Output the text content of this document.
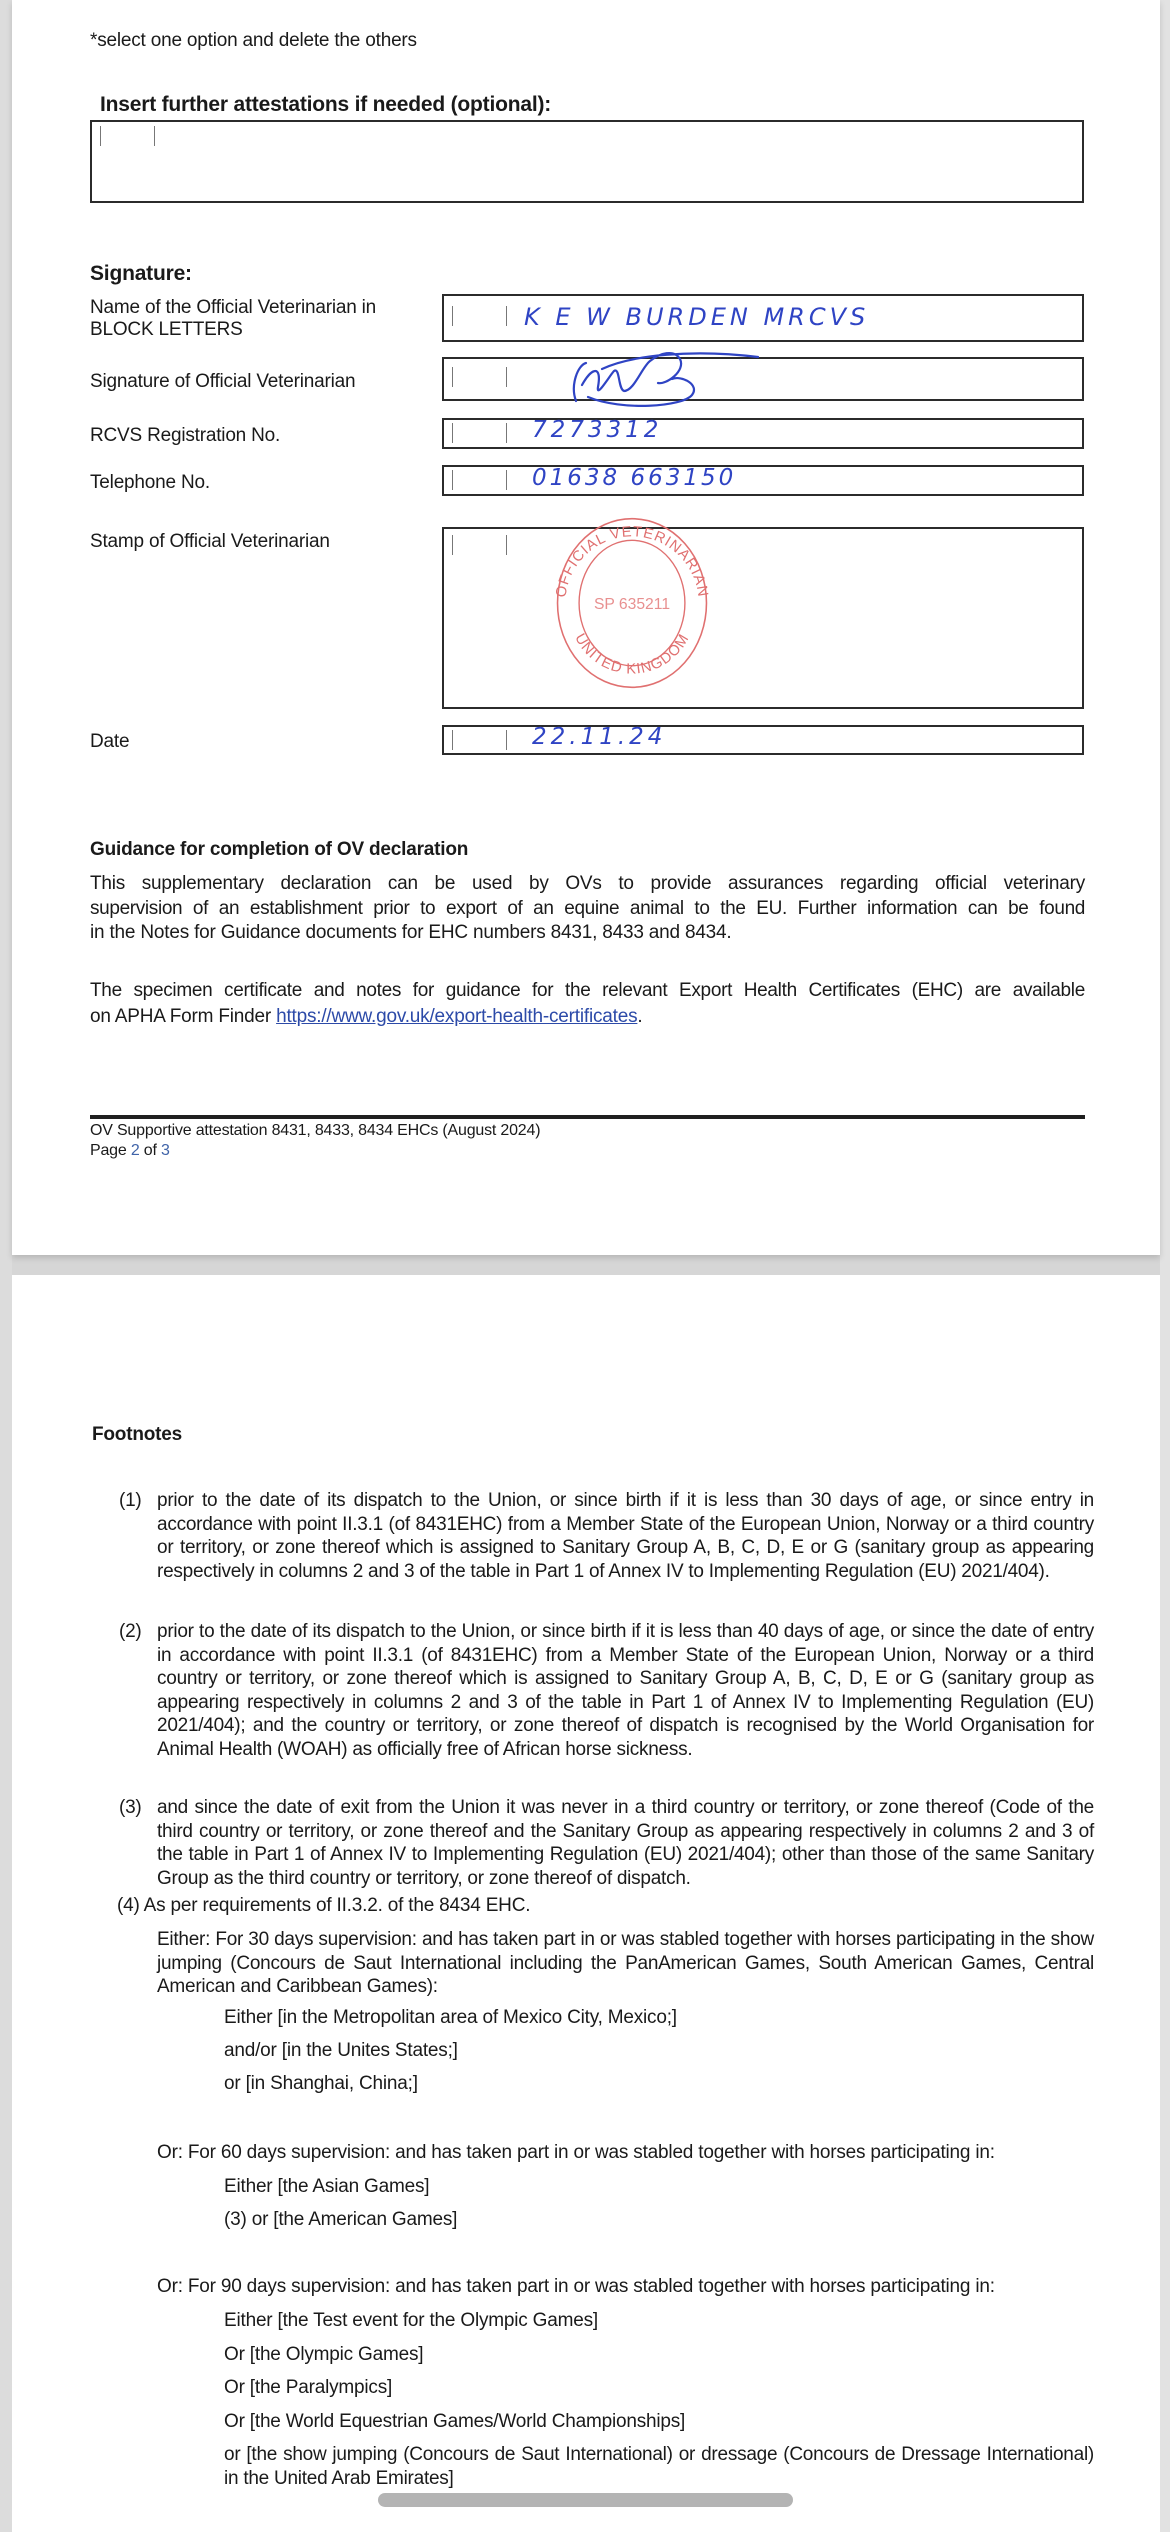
*select one option and delete the others
Insert further attestations if needed (optional):
Signature:
Name of the Official Veterinarian in
BLOCK LETTERS	K E W BURDEN MRCVS
Signature of Official Veterinarian
RCVS Registration No.	7273312
Telephone No.	01638 663150
Stamp of Official Veterinarian
OFFICIAL VETERINARIAN
UNITED KINGDOM
SP 635211
Date	22.11.24
Guidance for completion of OV declaration
This supplementary declaration can be used by OVs to provide assurances regarding official veterinary
supervision of an establishment prior to export of an equine animal to the EU. Further information can be found
in the Notes for Guidance documents for EHC numbers 8431, 8433 and 8434.
The specimen certificate and notes for guidance for the relevant Export Health Certificates (EHC) are available
on APHA Form Finder https://www.gov.uk/export-health-certificates.
OV Supportive attestation 8431, 8433, 8434 EHCs (August 2024)
Page 2 of 3
Footnotes
(1) prior to the date of its dispatch to the Union, or since birth if it is less than 30 days of age, or since entry in accordance with point II.3.1 (of 8431EHC) from a Member State of the European Union, Norway or a third country or territory, or zone thereof which is assigned to Sanitary Group A, B, C, D, E or G (sanitary group as appearing respectively in columns 2 and 3 of the table in Part 1 of Annex IV to Implementing Regulation (EU) 2021/404).
(2) prior to the date of its dispatch to the Union, or since birth if it is less than 40 days of age, or since the date of entry in accordance with point II.3.1 (of 8431EHC) from a Member State of the European Union, Norway or a third country or territory, or zone thereof which is assigned to Sanitary Group A, B, C, D, E or G (sanitary group as appearing respectively in columns 2 and 3 of the table in Part 1 of Annex IV to Implementing Regulation (EU) 2021/404); and the country or territory, or zone thereof of dispatch is recognised by the World Organisation for Animal Health (WOAH) as officially free of African horse sickness.
(3) and since the date of exit from the Union it was never in a third country or territory, or zone thereof (Code of the third country or territory, or zone thereof and the Sanitary Group as appearing respectively in columns 2 and 3 of the table in Part 1 of Annex IV to Implementing Regulation (EU) 2021/404); other than those of the same Sanitary Group as the third country or territory, or zone thereof of dispatch.
(4) As per requirements of II.3.2. of the 8434 EHC.
Either: For 30 days supervision: and has taken part in or was stabled together with horses participating in the show jumping (Concours de Saut International including the PanAmerican Games, South American Games, Central American and Caribbean Games):
Either [in the Metropolitan area of Mexico City, Mexico;]
and/or [in the Unites States;]
or [in Shanghai, China;]
Or: For 60 days supervision: and has taken part in or was stabled together with horses participating in:
Either [the Asian Games]
(3) or [the American Games]
Or: For 90 days supervision: and has taken part in or was stabled together with horses participating in:
Either [the Test event for the Olympic Games]
Or [the Olympic Games]
Or [the Paralympics]
Or [the World Equestrian Games/World Championships]
or [the show jumping (Concours de Saut International) or dressage (Concours de Dressage International) in the United Arab Emirates]
